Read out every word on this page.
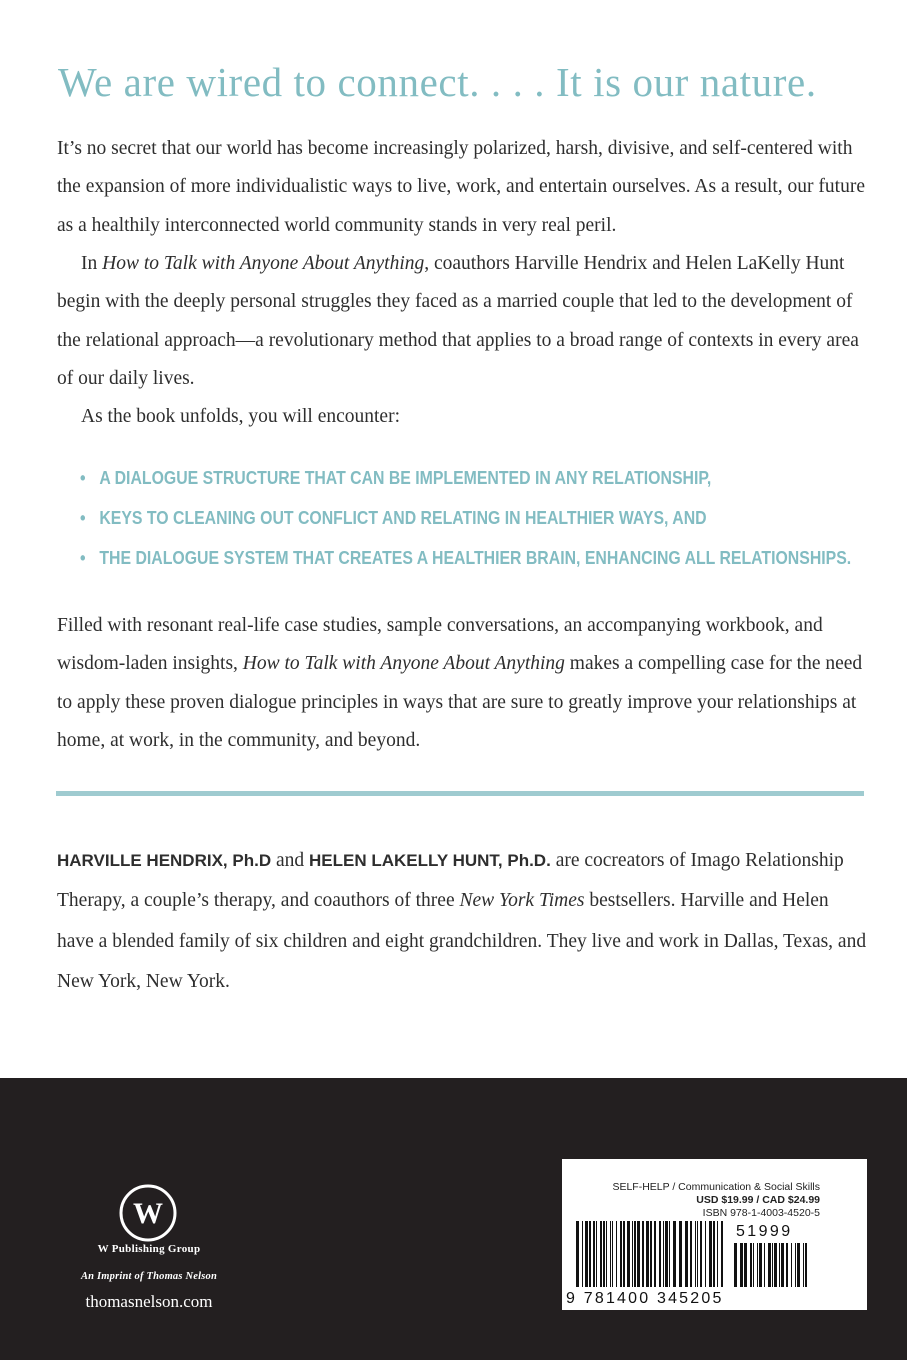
We are wired to connect. . . . It is our nature.

It’s no secret that our world has become increasingly polarized, harsh, divisive, and self-centered with the expansion of more individualistic ways to live, work, and entertain ourselves. As a result, our future as a healthily interconnected world community stands in very real peril.

In How to Talk with Anyone About Anything, coauthors Harville Hendrix and Helen LaKelly Hunt begin with the deeply personal struggles they faced as a married couple that led to the development of the relational approach—a revolutionary method that applies to a broad range of contexts in every area of our daily lives.

As the book unfolds, you will encounter:

• A DIALOGUE STRUCTURE THAT CAN BE IMPLEMENTED IN ANY RELATIONSHIP,
• KEYS TO CLEANING OUT CONFLICT AND RELATING IN HEALTHIER WAYS, AND
• THE DIALOGUE SYSTEM THAT CREATES A HEALTHIER BRAIN, ENHANCING ALL RELATIONSHIPS.

Filled with resonant real-life case studies, sample conversations, an accompanying workbook, and wisdom-laden insights, How to Talk with Anyone About Anything makes a compelling case for the need to apply these proven dialogue principles in ways that are sure to greatly improve your relationships at home, at work, in the community, and beyond.

HARVILLE HENDRIX, Ph.D and HELEN LAKELLY HUNT, Ph.D. are cocreators of Imago Relationship Therapy, a couple’s therapy, and coauthors of three New York Times bestsellers. Harville and Helen have a blended family of six children and eight grandchildren. They live and work in Dallas, Texas, and New York, New York.

W
W Publishing Group
An Imprint of Thomas Nelson
thomasnelson.com
SELF-HELP / Communication & Social Skills
USD $19.99 / CAD $24.99
ISBN 978-1-4003-4520-5
51999
9 781400 345205
